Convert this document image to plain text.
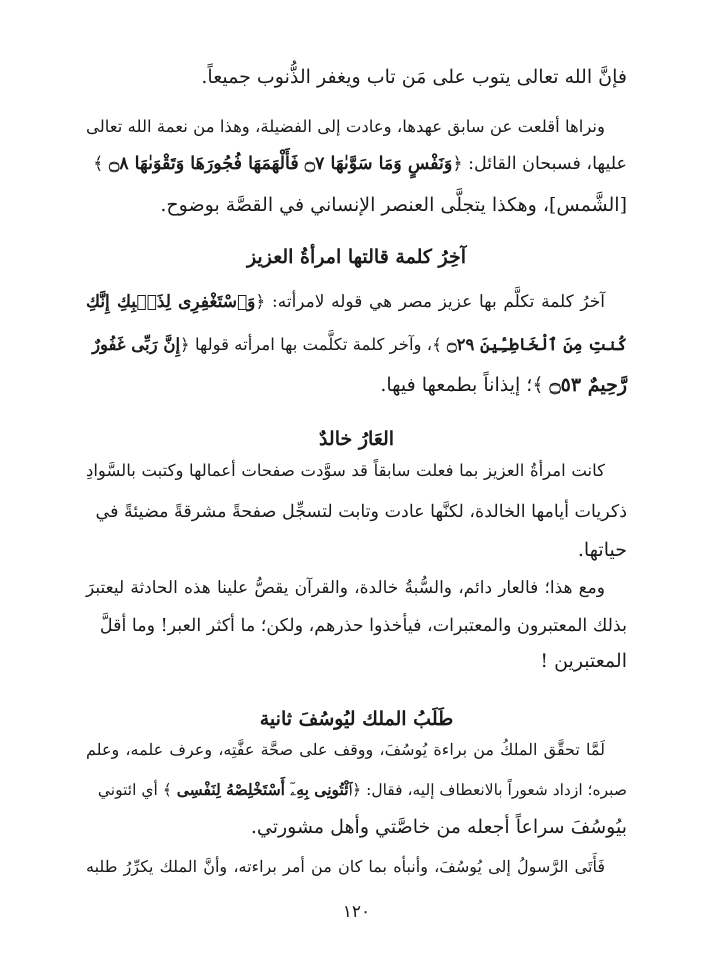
فإنَّ الله تعالى يتوب على مَن تاب ويغفر الذُّنوب جميعاً.
ونراها أقلعت عن سابق عهدها، وعادت إلى الفضيلة، وهذا من نعمة الله تعالى
عليها، فسبحان القائل: ﴿وَنَفْسٍ وَمَا سَوَّىٰهَا ۝٧ فَأَلْهَمَهَا فُجُورَهَا وَتَقْوَىٰهَا ۝٨ ﴾
[الشَّمس]، وهكذا يتجلَّى العنصر الإنساني في القصَّة بوضوح.
آخِرُ كلمة قالتها امرأةُ العزيز
آخرُ كلمة تكلَّم بها عزيز مصر هي قوله لامرأته: ﴿وَٱسْتَغْفِرِى لِذَنۢبِكِ إِنَّكِ
كُنتِ مِنَ ٱلْخَاطِـِٔينَ ۝٢٩ ﴾، وآخر كلمة تكلَّمت بها امرأته قولها ﴿إِنَّ رَبِّى غَفُورٌ
رَّحِيمٌ ۝٥٣ ﴾؛ إيذاناً بطمعها فيها.
العَارُ خالدٌ
كانت امرأةُ العزيز بما فعلت سابقاً قد سوَّدت صفحات أعمالها وكتبت بالسَّوادِ
ذكريات أيامها الخالدة، لكنَّها عادت وتابت لتسجِّل صفحةً مشرقةً مضيئةً في
حياتها.
ومع هذا؛ فالعار دائم، والسُّبةُ خالدة، والقرآن يقصُّ علينا هذه الحادثة ليعتبرَ
بذلك المعتبرون والمعتبرات، فيأخذوا حذرهم، ولكن؛ ما أكثر العبر! وما أقلَّ
المعتبرين !
طَلَبُ الملك ليُوسُفَ ثانية
لَمَّا تحقَّق الملكُ من براءة يُوسُفَ، ووقف على صحَّة عفَّتِه، وعرف علمه، وعلم
صبره؛ ازداد شعوراً بالانعطاف إليه، فقال: ﴿ٱئْتُونِى بِهِۦٓ أَسْتَخْلِصْهُ لِنَفْسِى ﴾ أي ائتوني
بيُوسُفَ سراعاً أجعله من خاصَّتي وأهل مشورتي.
فَأَتَى الرَّسولُ إلى يُوسُفَ، وأنبأه بما كان من أمر براءته، وأنَّ الملك يكرِّرُ طلبه
١٢٠
